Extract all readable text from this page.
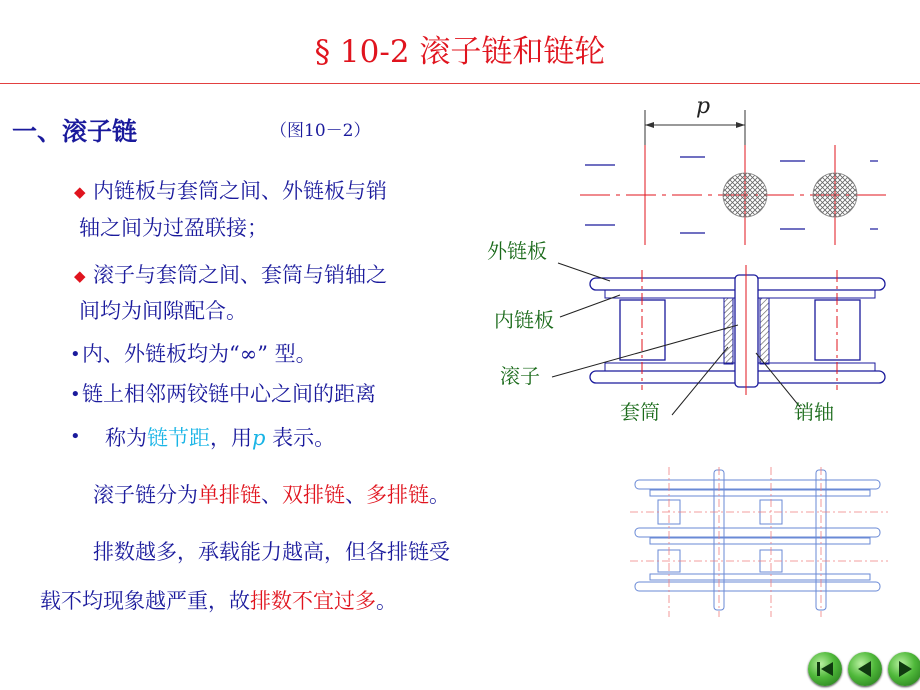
§ 10-2 滚子链和链轮
一、滚子链	（图10－2）
◆ 内链板与套筒之间、外链板与销
轴之间为过盈联接；
◆ 滚子与套筒之间、套筒与销轴之
间均为间隙配合。
• 内、外链板均为“∞” 型。
• 链上相邻两铰链中心之间的距离
• 称为链节距，用p 表示。
滚子链分为单排链、双排链、多排链。
排数越多，承载能力越高，但各排链受
载不均现象越严重，故排数不宜过多。
p
外链板
内链板
滚子
套筒	销轴
